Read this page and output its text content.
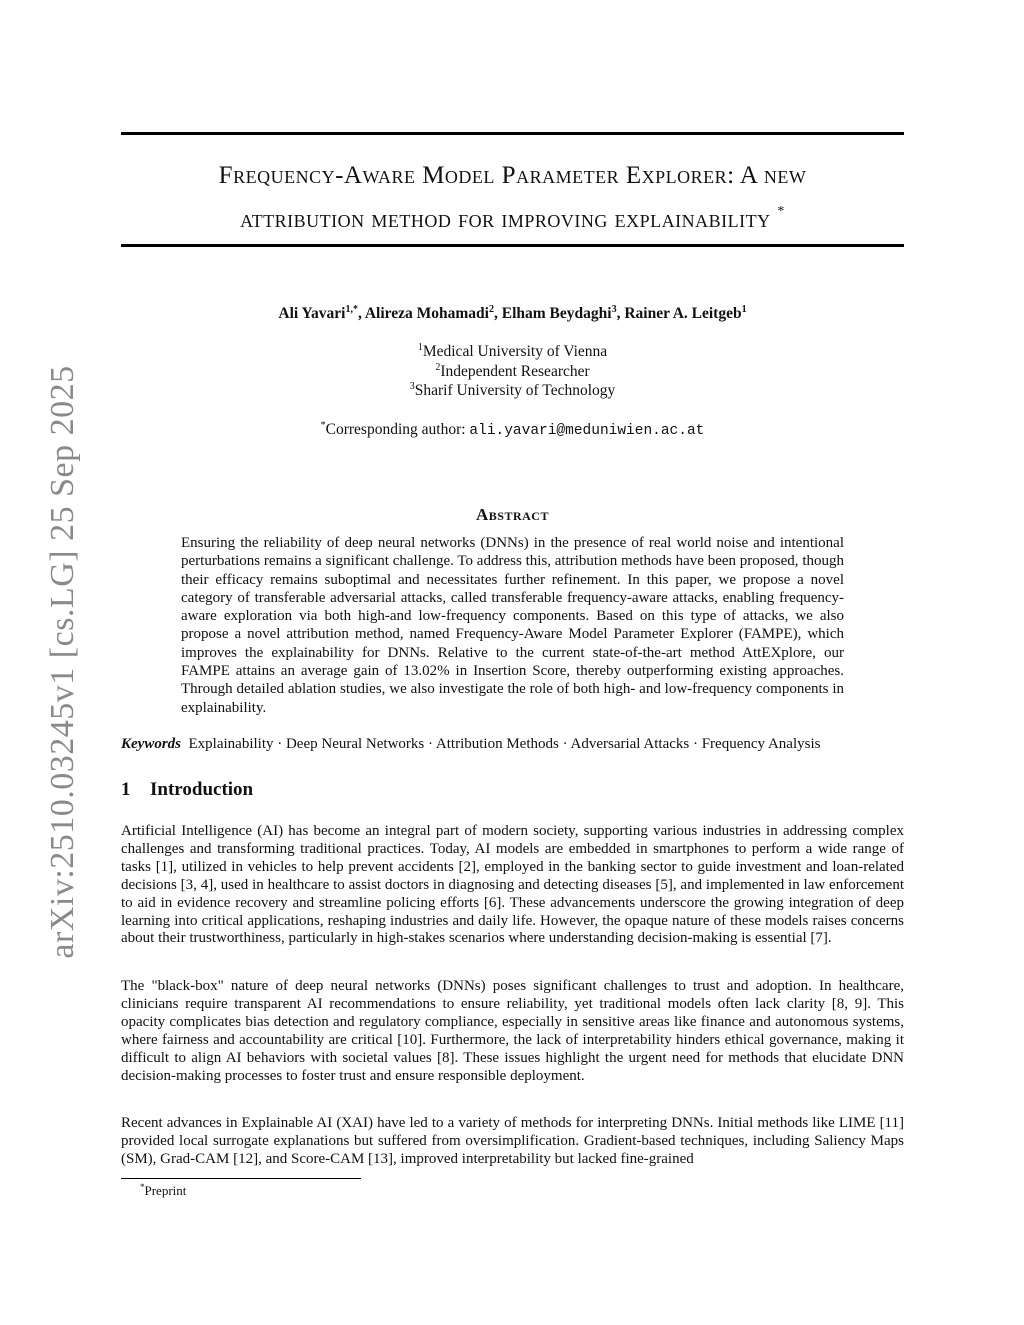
arXiv:2510.03245v1 [cs.LG] 25 Sep 2025
Frequency-Aware Model Parameter Explorer: A new
attribution method for improving explainability *
Ali Yavari$^{1,*}$, Alireza Mohamadi$^2$, Elham Beydaghi$^3$, Rainer A. Leitgeb$^1$
$^1$Medical University of Vienna
$^2$Independent Researcher
$^3$Sharif University of Technology
*Corresponding author: ali.yavari@meduniwien.ac.at
Abstract
Ensuring the reliability of deep neural networks (DNNs) in the presence of real world noise and intentional perturbations remains a significant challenge. To address this, attribution methods have been proposed, though their efficacy remains suboptimal and necessitates further refinement. In this paper, we propose a novel category of transferable adversarial attacks, called transferable frequency-aware attacks, enabling frequency-aware exploration via both high-and low-frequency components. Based on this type of attacks, we also propose a novel attribution method, named Frequency-Aware Model Parameter Explorer (FAMPE), which improves the explainability for DNNs. Relative to the current state-of-the-art method AttEXplore, our FAMPE attains an average gain of 13.02% in Insertion Score, thereby outperforming existing approaches. Through detailed ablation studies, we also investigate the role of both high- and low-frequency components in explainability.
Keywords Explainability · Deep Neural Networks · Attribution Methods · Adversarial Attacks · Frequency Analysis
1 Introduction
Artificial Intelligence (AI) has become an integral part of modern society, supporting various industries in addressing complex challenges and transforming traditional practices. Today, AI models are embedded in smartphones to perform a wide range of tasks [1], utilized in vehicles to help prevent accidents [2], employed in the banking sector to guide investment and loan-related decisions [3, 4], used in healthcare to assist doctors in diagnosing and detecting diseases [5], and implemented in law enforcement to aid in evidence recovery and streamline policing efforts [6]. These advancements underscore the growing integration of deep learning into critical applications, reshaping industries and daily life. However, the opaque nature of these models raises concerns about their trustworthiness, particularly in high-stakes scenarios where understanding decision-making is essential [7].
The "black-box" nature of deep neural networks (DNNs) poses significant challenges to trust and adoption. In healthcare, clinicians require transparent AI recommendations to ensure reliability, yet traditional models often lack clarity [8, 9]. This opacity complicates bias detection and regulatory compliance, especially in sensitive areas like finance and autonomous systems, where fairness and accountability are critical [10]. Furthermore, the lack of interpretability hinders ethical governance, making it difficult to align AI behaviors with societal values [8]. These issues highlight the urgent need for methods that elucidate DNN decision-making processes to foster trust and ensure responsible deployment.
Recent advances in Explainable AI (XAI) have led to a variety of methods for interpreting DNNs. Initial methods like LIME [11] provided local surrogate explanations but suffered from oversimplification. Gradient-based techniques, including Saliency Maps (SM), Grad-CAM [12], and Score-CAM [13], improved interpretability but lacked fine-grained
*Preprint
